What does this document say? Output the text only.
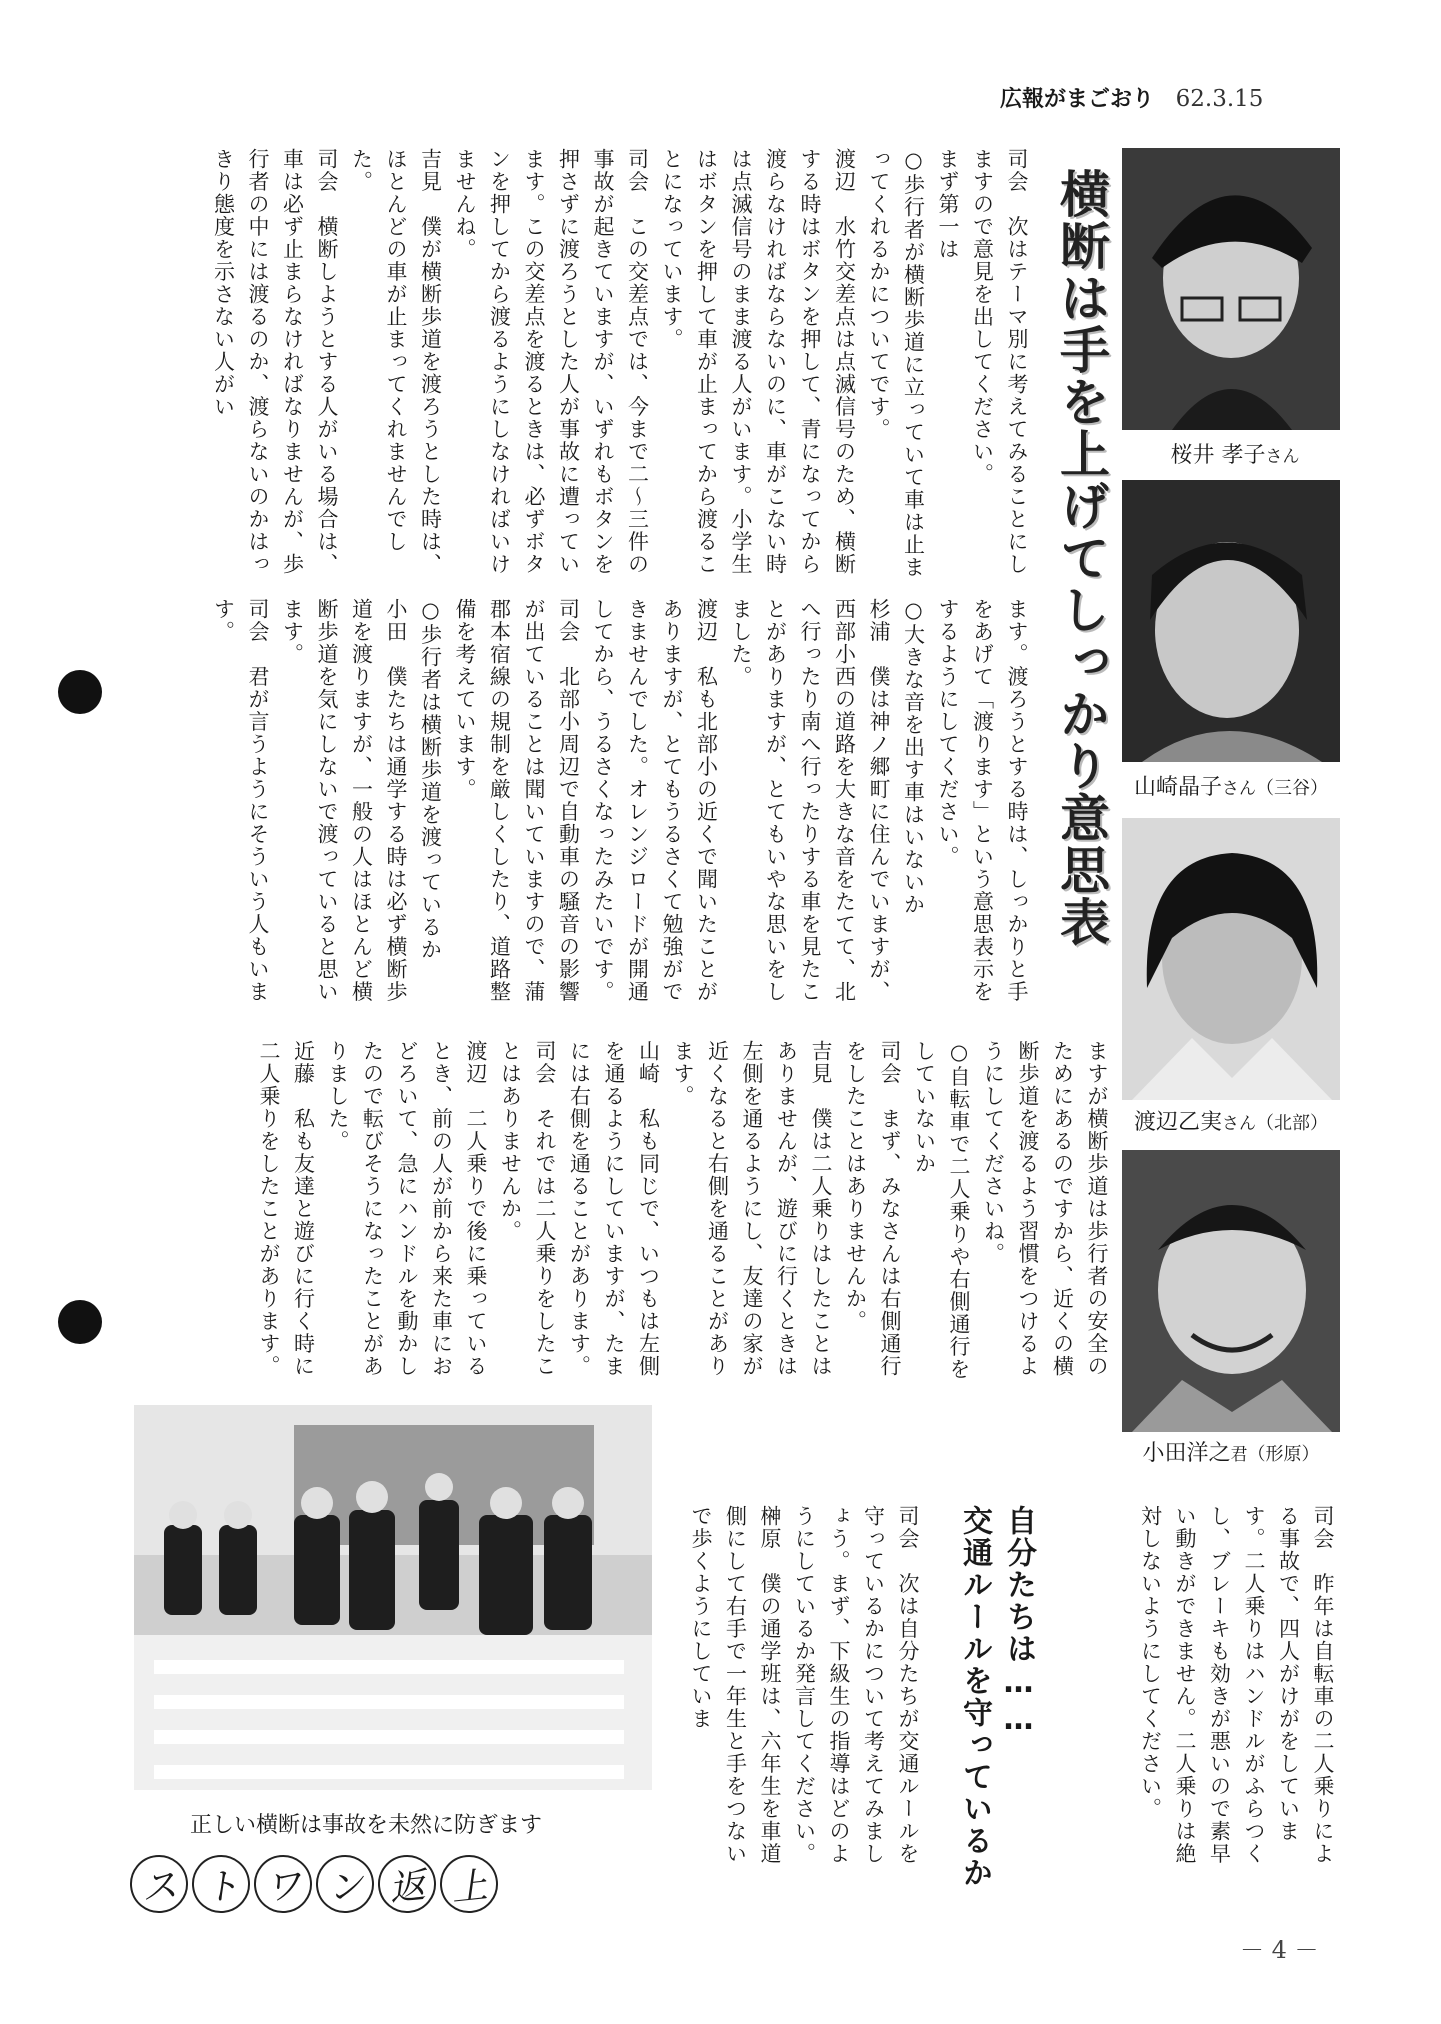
広報がまごおり 62.3.15
横断は手を上げてしっかり意思表
桜井 孝子さん
山崎晶子さん（三谷）
渡辺乙実さん（北部）
小田洋之君（形原）
司会　次はテーマ別に考えてみることにしますので意見を出してください。
まず第一は
○歩行者が横断歩道に立っていて車は止まってくれるかについてです。
渡辺　水竹交差点は点滅信号のため、横断する時はボタンを押して、青になってから渡らなければならないのに、車がこない時は点滅信号のまま渡る人がいます。小学生はボタンを押して車が止まってから渡ることになっています。
司会　この交差点では、今まで二～三件の事故が起きていますが、いずれもボタンを押さずに渡ろうとした人が事故に遭っています。この交差点を渡るときは、必ずボタンを押してから渡るようにしなければいけませんね。
吉見　僕が横断歩道を渡ろうとした時は、ほとんどの車が止まってくれませんでした。
司会　横断しようとする人がいる場合は、車は必ず止まらなければなりませんが、歩行者の中には渡るのか、渡らないのかはっきり態度を示さない人がい
ます。渡ろうとする時は、しっかりと手をあげて「渡ります」という意思表示をするようにしてください。
○大きな音を出す車はいないか
杉浦　僕は神ノ郷町に住んでいますが、西部小西の道路を大きな音をたてて、北へ行ったり南へ行ったりする車を見たことがありますが、とてもいやな思いをしました。
渡辺　私も北部小の近くで聞いたことがありますが、とてもうるさくて勉強ができませんでした。オレンジロードが開通してから、うるさくなったみたいです。
司会　北部小周辺で自動車の騒音の影響が出ていることは聞いていますので、蒲郡本宿線の規制を厳しくしたり、道路整備を考えています。
○歩行者は横断歩道を渡っているか
小田　僕たちは通学する時は必ず横断歩道を渡りますが、一般の人はほとんど横断歩道を気にしないで渡っていると思います。
司会　君が言うようにそういう人もいます。
ますが横断歩道は歩行者の安全のためにあるのですから、近くの横断歩道を渡るよう習慣をつけるようにしてくださいね。
○自転車で二人乗りや右側通行をしていないか
司会　まず、みなさんは右側通行をしたことはありませんか。
吉見　僕は二人乗りはしたことはありませんが、遊びに行くときは左側を通るようにし、友達の家が近くなると右側を通ることがあります。
山崎　私も同じで、いつもは左側を通るようにしていますが、たまには右側を通ることがあります。
司会　それでは二人乗りをしたことはありませんか。
渡辺　二人乗りで後に乗っているとき、前の人が前から来た車におどろいて、急にハンドルを動かしたので転びそうになったことがありました。
近藤　私も友達と遊びに行く時に二人乗りをしたことがあります。
司会　昨年は自転車の二人乗りによる事故で、四人がけがをしています。二人乗りはハンドルがふらつくし、ブレーキも効きが悪いので素早い動きができません。二人乗りは絶対しないようにしてください。
自分たちは……
交通ルールを守っているか
司会　次は自分たちが交通ルールを守っているかについて考えてみましょう。まず、下級生の指導はどのようにしているか発言してください。
榊原　僕の通学班は、六年生を車道側にして右手で一年生と手をつないで歩くようにしていま
正しい横断は事故を未然に防ぎます
ス ト ワ ン 返 上
－ 4 －
